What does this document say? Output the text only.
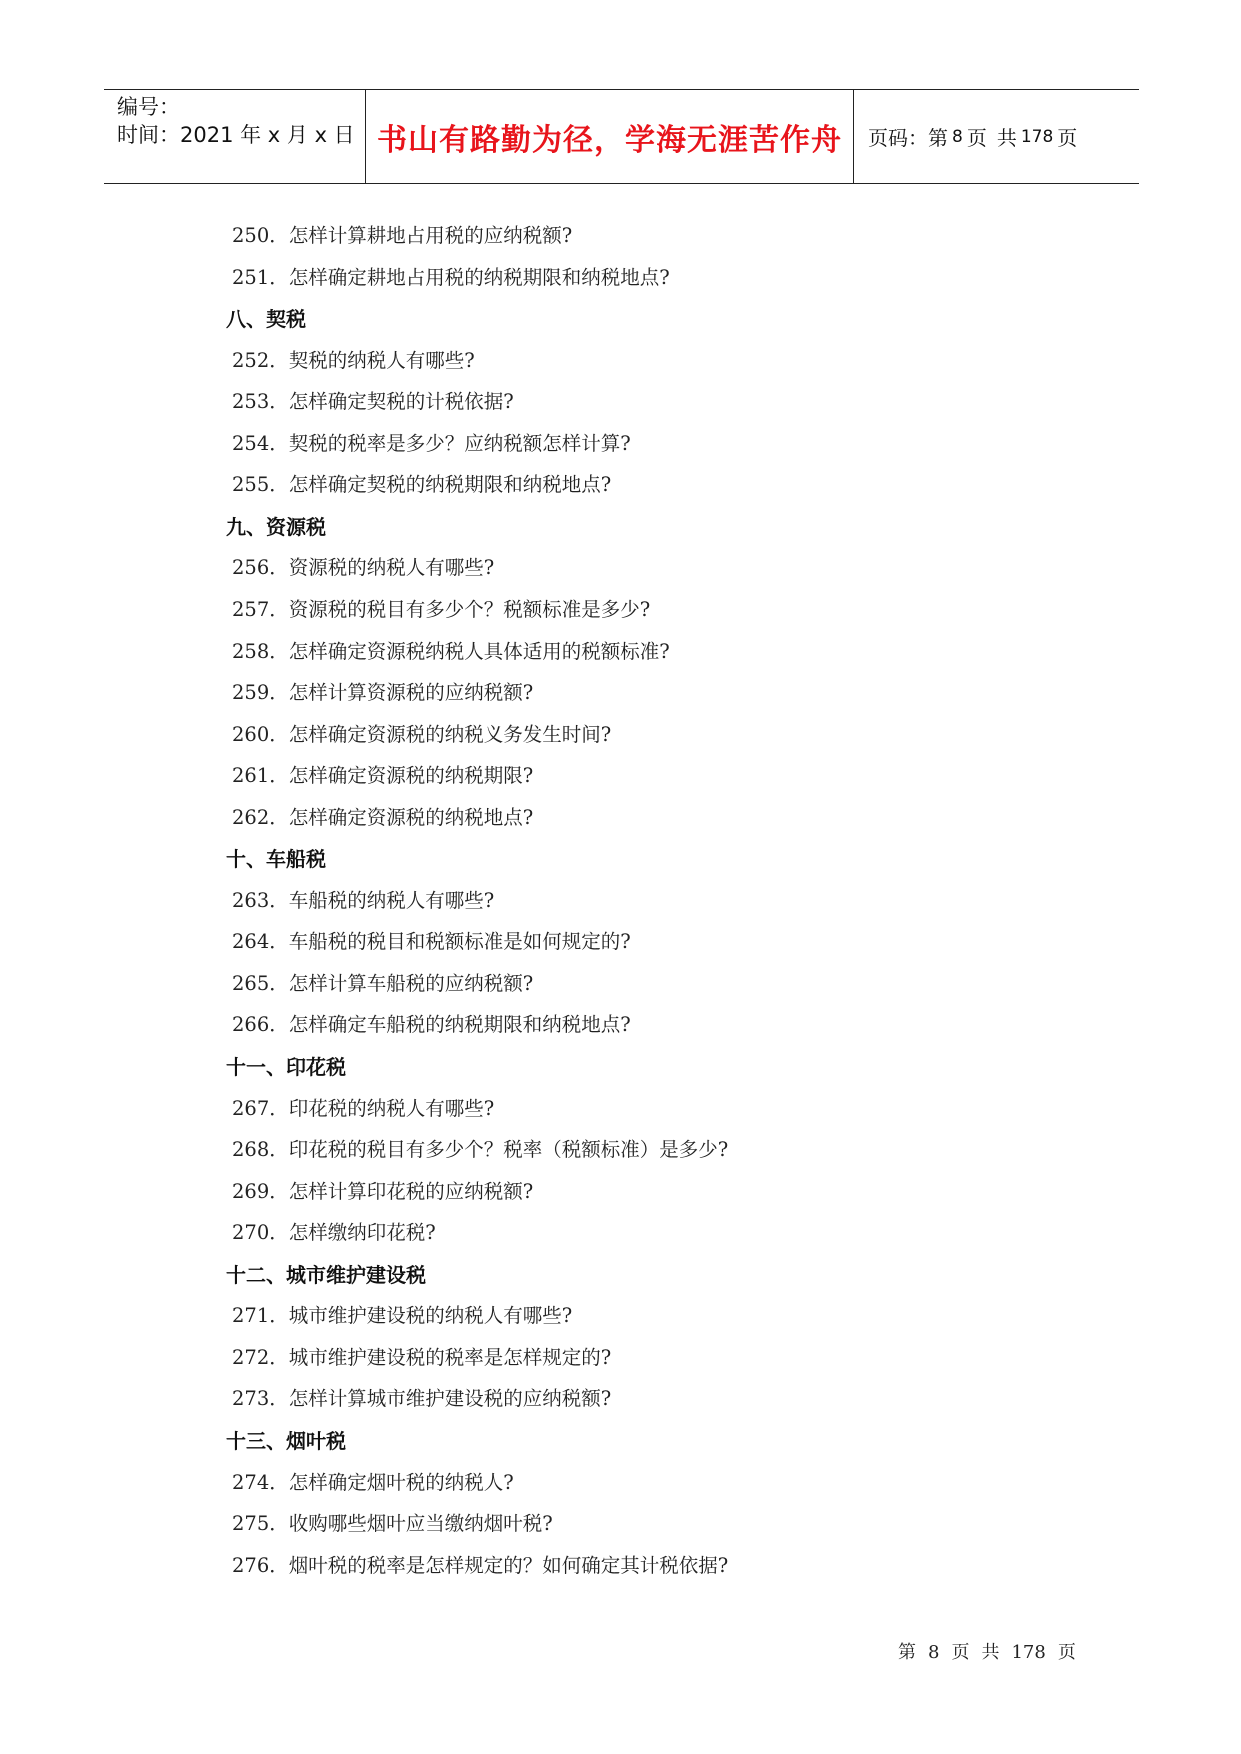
编号：
时间：2021 年 x 月 x 日 书山有路勤为径，学海无涯苦作舟	页码：第 8 页 共 178 页
250．怎样计算耕地占用税的应纳税额?
251．怎样确定耕地占用税的纳税期限和纳税地点?
八、契税
252．契税的纳税人有哪些?
253．怎样确定契税的计税依据?
254．契税的税率是多少？应纳税额怎样计算?
255．怎样确定契税的纳税期限和纳税地点?
九、资源税
256．资源税的纳税人有哪些?
257．资源税的税目有多少个？税额标准是多少?
258．怎样确定资源税纳税人具体适用的税额标准?
259．怎样计算资源税的应纳税额?
260．怎样确定资源税的纳税义务发生时间?
261．怎样确定资源税的纳税期限?
262．怎样确定资源税的纳税地点?
十、车船税
263．车船税的纳税人有哪些?
264．车船税的税目和税额标准是如何规定的?
265．怎样计算车船税的应纳税额?
266．怎样确定车船税的纳税期限和纳税地点?
十一、印花税
267．印花税的纳税人有哪些?
268．印花税的税目有多少个？税率（税额标准）是多少?
269．怎样计算印花税的应纳税额?
270．怎样缴纳印花税?
十二、城市维护建设税
271．城市维护建设税的纳税人有哪些?
272．城市维护建设税的税率是怎样规定的?
273．怎样计算城市维护建设税的应纳税额?
十三、烟叶税
274．怎样确定烟叶税的纳税人?
275．收购哪些烟叶应当缴纳烟叶税?
276．烟叶税的税率是怎样规定的？如何确定其计税依据?
第 8 页 共 178 页
